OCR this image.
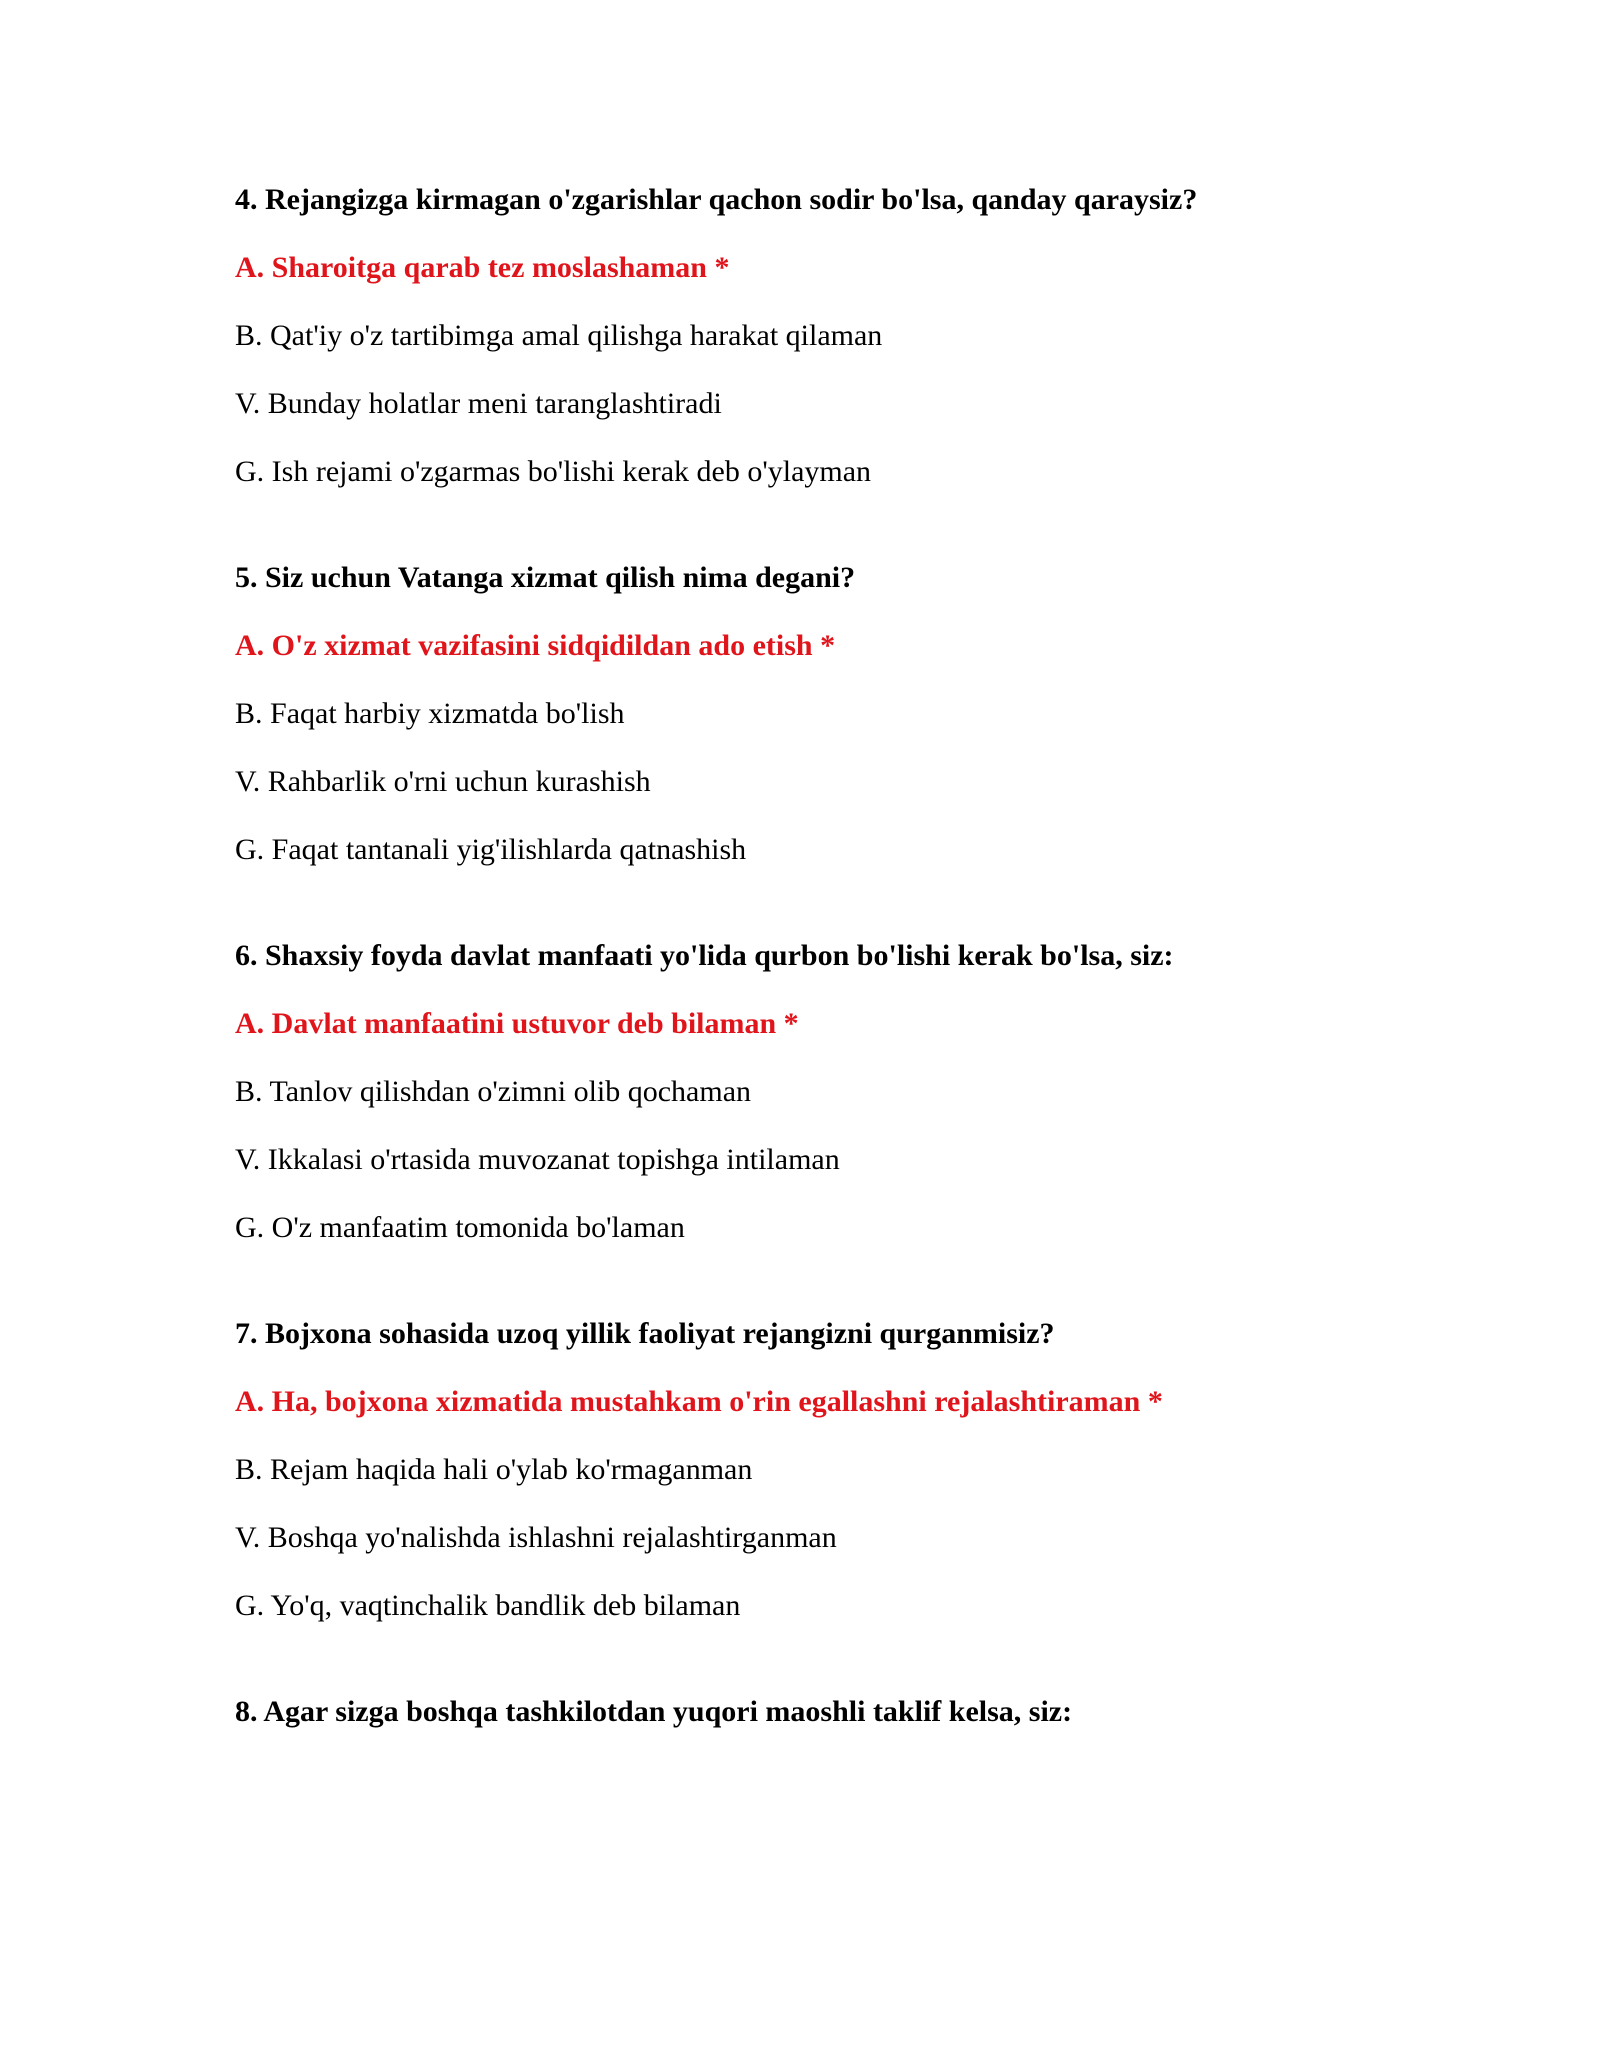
4. Rejangizga kirmagan o'zgarishlar qachon sodir bo'lsa, qanday qaraysiz?
A. Sharoitga qarab tez moslashaman *
B. Qat'iy o'z tartibimga amal qilishga harakat qilaman
V. Bunday holatlar meni taranglashtiradi
G. Ish rejami o'zgarmas bo'lishi kerak deb o'ylayman
5. Siz uchun Vatanga xizmat qilish nima degani?
A. O'z xizmat vazifasini sidqidildan ado etish *
B. Faqat harbiy xizmatda bo'lish
V. Rahbarlik o'rni uchun kurashish
G. Faqat tantanali yig'ilishlarda qatnashish
6. Shaxsiy foyda davlat manfaati yo'lida qurbon bo'lishi kerak bo'lsa, siz:
A. Davlat manfaatini ustuvor deb bilaman *
B. Tanlov qilishdan o'zimni olib qochaman
V. Ikkalasi o'rtasida muvozanat topishga intilaman
G. O'z manfaatim tomonida bo'laman
7. Bojxona sohasida uzoq yillik faoliyat rejangizni qurganmisiz?
A. Ha, bojxona xizmatida mustahkam o'rin egallashni rejalashtiraman *
B. Rejam haqida hali o'ylab ko'rmaganman
V. Boshqa yo'nalishda ishlashni rejalashtirganman
G. Yo'q, vaqtinchalik bandlik deb bilaman
8. Agar sizga boshqa tashkilotdan yuqori maoshli taklif kelsa, siz:
